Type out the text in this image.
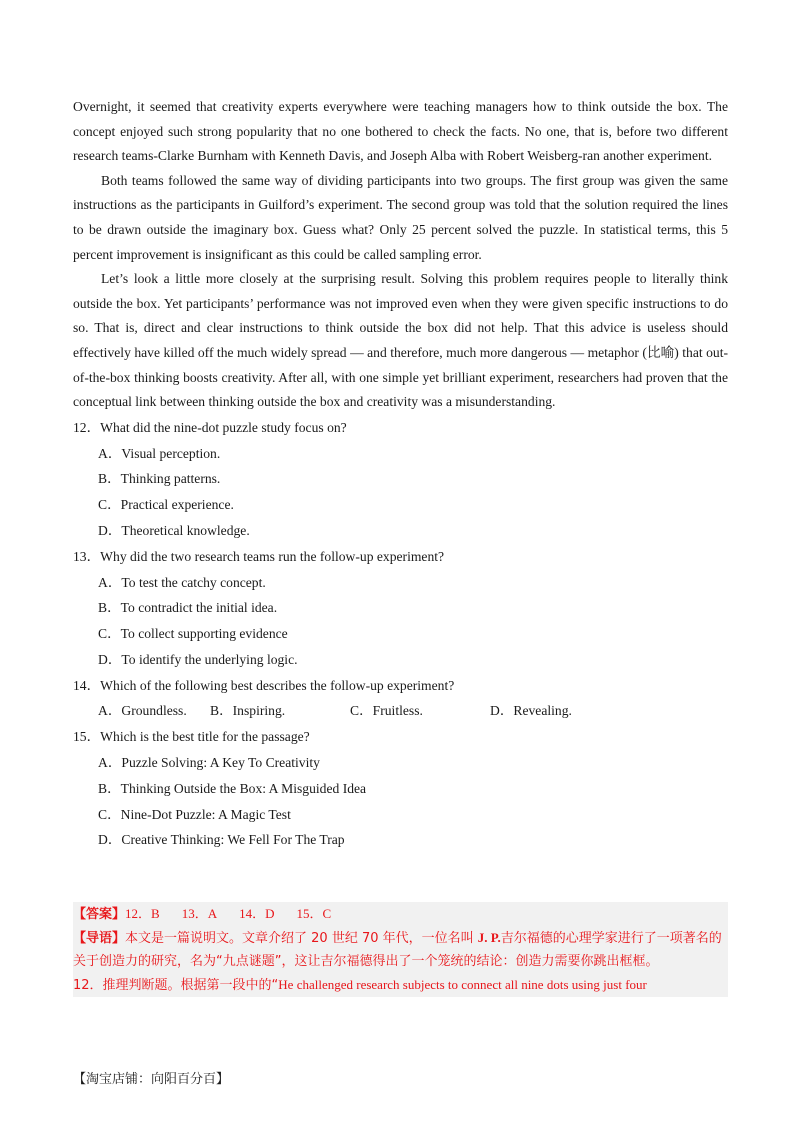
Overnight, it seemed that creativity experts everywhere were teaching managers how to think outside the box. The concept enjoyed such strong popularity that no one bothered to check the facts. No one, that is, before two different research teams-Clarke Burnham with Kenneth Davis, and Joseph Alba with Robert Weisberg-ran another experiment.

Both teams followed the same way of dividing participants into two groups. The first group was given the same instructions as the participants in Guilford’s experiment. The second group was told that the solution required the lines to be drawn outside the imaginary box. Guess what? Only 25 percent solved the puzzle. In statistical terms, this 5 percent improvement is insignificant as this could be called sampling error.

Let’s look a little more closely at the surprising result. Solving this problem requires people to literally think outside the box. Yet participants’ performance was not improved even when they were given specific instructions to do so. That is, direct and clear instructions to think outside the box did not help. That this advice is useless should effectively have killed off the much widely spread — and therefore, much more dangerous — metaphor (比喻) that out-of-the-box thinking boosts creativity. After all, with one simple yet brilliant experiment, researchers had proven that the conceptual link between thinking outside the box and creativity was a misunderstanding.

12．What did the nine-dot puzzle study focus on?

A．Visual perception.

B．Thinking patterns.

C．Practical experience.

D．Theoretical knowledge.

13．Why did the two research teams run the follow-up experiment?

A．To test the catchy concept.

B．To contradict the initial idea.

C．To collect supporting evidence

D．To identify the underlying logic.

14．Which of the following best describes the follow-up experiment?

A．Groundless.	B．Inspiring.	C．Fruitless.	D．Revealing.

15．Which is the best title for the passage?

A．Puzzle Solving: A Key To Creativity

B．Thinking Outside the Box: A Misguided Idea

C．Nine-Dot Puzzle: A Magic Test

D．Creative Thinking: We Fell For The Trap

【答案】12．B 13．A 14．D 15．C

【导语】本文是一篇说明文。文章介绍了 20 世纪 70 年代，一位名叫 J. P.吉尔福德的心理学家进行了一项著名的关于创造力的研究，名为“九点谜题”，这让吉尔福德得出了一个笼统的结论：创造力需要你跳出框框。

12．推理判断题。根据第一段中的“He challenged research subjects to connect all nine dots using just four

【淘宝店铺：向阳百分百】
